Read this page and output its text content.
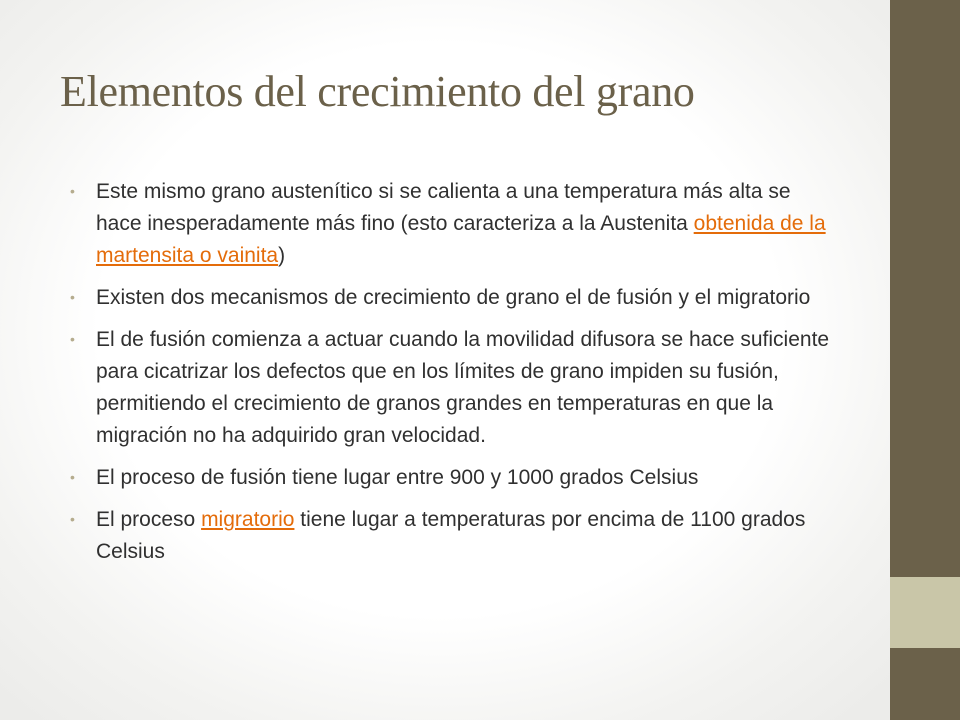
Elementos del crecimiento del grano
• Este mismo grano austenítico si se calienta a una temperatura más alta se hace inesperadamente más fino (esto caracteriza a la Austenita obtenida de la martensita o vainita)
• Existen dos mecanismos de crecimiento de grano el de fusión y el migratorio
• El de fusión comienza a actuar cuando la movilidad difusora se hace suficiente para cicatrizar los defectos que en los límites de grano impiden su fusión, permitiendo el crecimiento de granos grandes en temperaturas en que la migración no ha adquirido gran velocidad.
• El proceso de fusión tiene lugar entre 900 y 1000 grados Celsius
• El proceso migratorio tiene lugar a temperaturas por encima de 1100 grados Celsius
